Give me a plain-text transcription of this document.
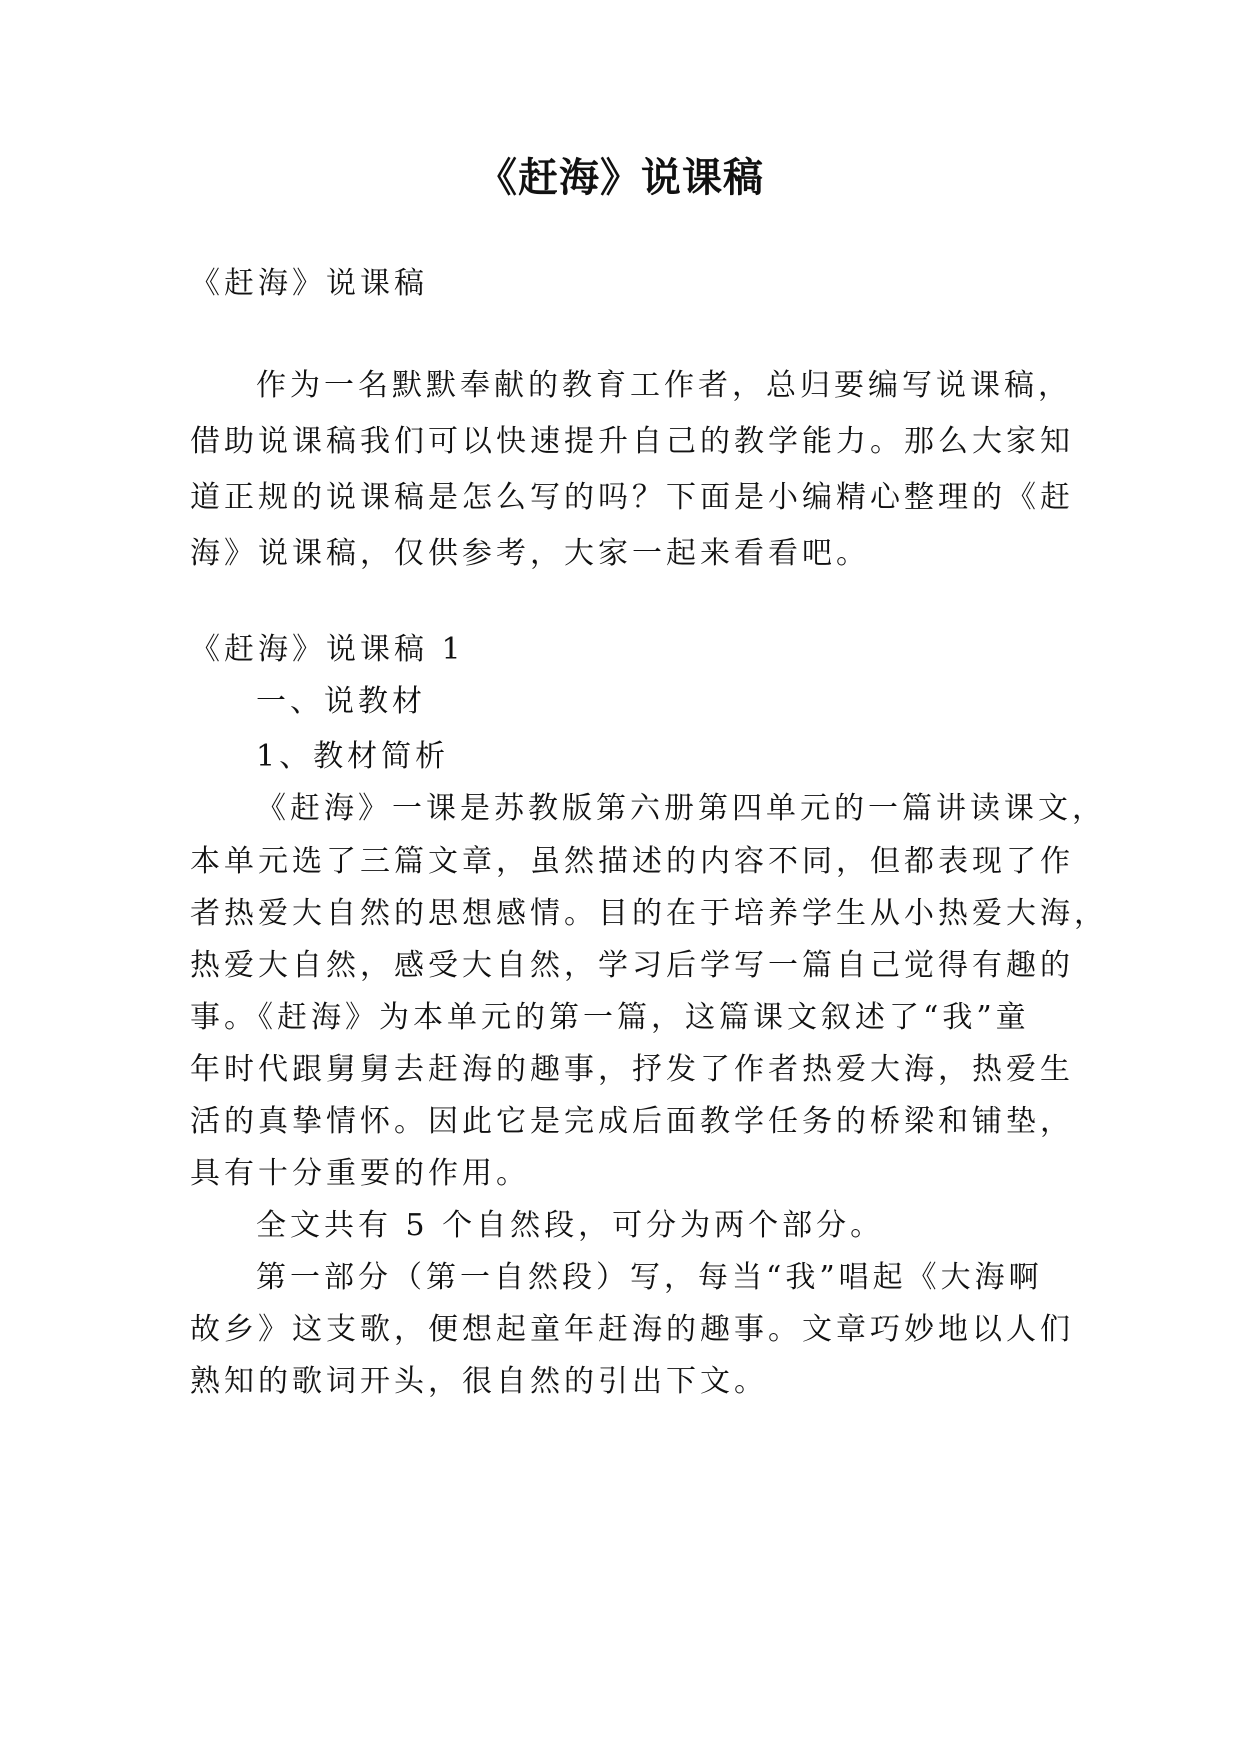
《赶海》说课稿

《赶海》说课稿

作为一名默默奉献的教育工作者，总归要编写说课稿，

借助说课稿我们可以快速提升自己的教学能力。那么大家知

道正规的说课稿是怎么写的吗？下面是小编精心整理的《赶

海》说课稿，仅供参考，大家一起来看看吧。

《赶海》说课稿 1

一、说教材

1、教材简析

《赶海》一课是苏教版第六册第四单元的一篇讲读课文，

本单元选了三篇文章，虽然描述的内容不同，但都表现了作

者热爱大自然的思想感情。目的在于培养学生从小热爱大海，

热爱大自然，感受大自然，学习后学写一篇自己觉得有趣的

事。《赶海》为本单元的第一篇，这篇课文叙述了“我”童

年时代跟舅舅去赶海的趣事，抒发了作者热爱大海，热爱生

活的真挚情怀。因此它是完成后面教学任务的桥梁和铺垫，

具有十分重要的作用。

全文共有 5 个自然段，可分为两个部分。

第一部分（第一自然段）写，每当“我”唱起《大海啊

故乡》这支歌，便想起童年赶海的趣事。文章巧妙地以人们

熟知的歌词开头，很自然的引出下文。
